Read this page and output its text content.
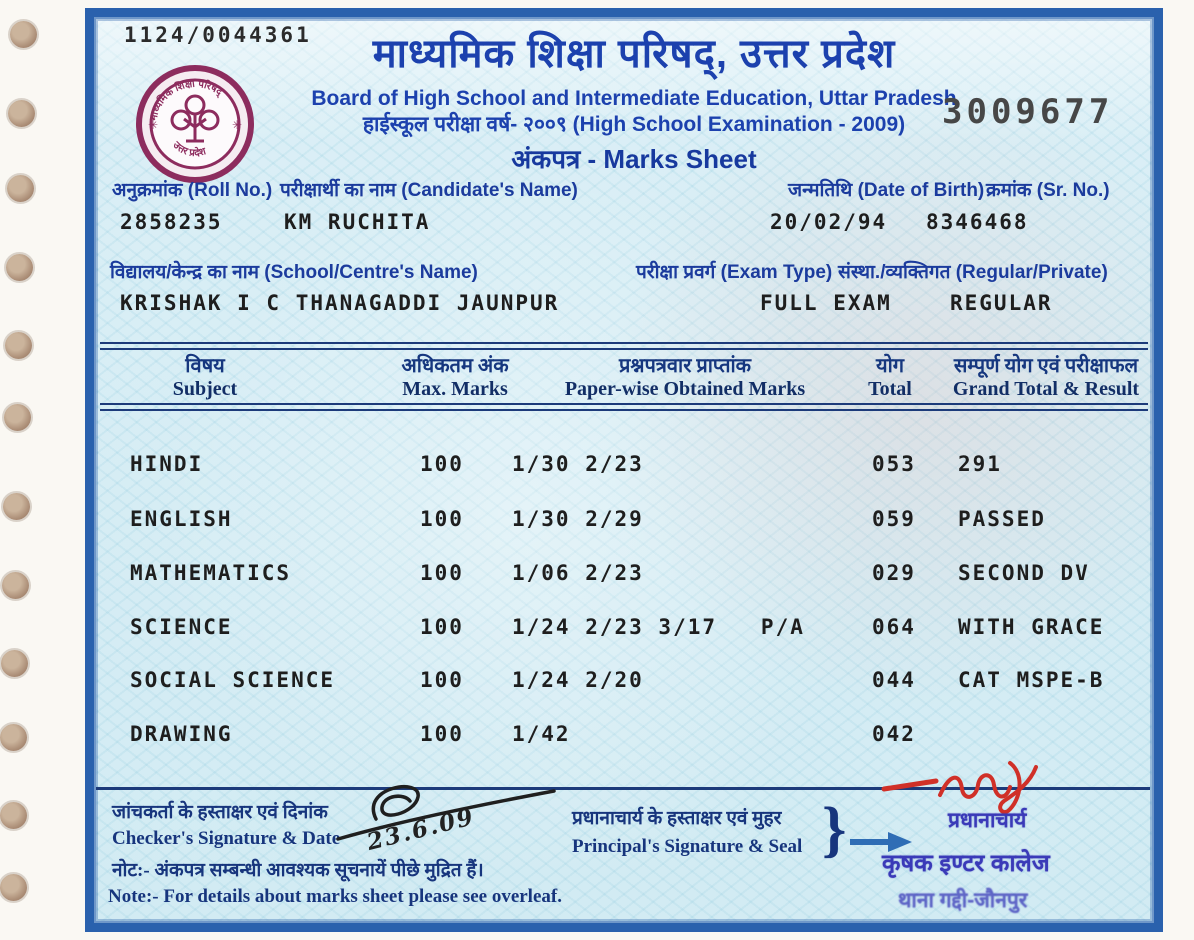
1124/0044361
माध्यमिक शिक्षा परिषद्
उत्तर प्रदेश
✳	✳
माध्यमिक शिक्षा परिषद्, उत्तर प्रदेश
Board of High School and Intermediate Education, Uttar Pradesh
हाईस्कूल परीक्षा वर्ष- २००९ (High School Examination - 2009)
अंकपत्र - Marks Sheet
3009677
अनुक्रमांक (Roll No.) परीक्षार्थी का नाम (Candidate's Name)	जन्मतिथि (Date of Birth) क्रमांक (Sr. No.)
2858235	KM RUCHITA	20/02/94 8346468
विद्यालय/केन्द्र का नाम (School/Centre's Name)	परीक्षा प्रवर्ग (Exam Type) संस्था./व्यक्तिगत (Regular/Private)
KRISHAK I C THANAGADDI JAUNPUR	FULL EXAM	REGULAR
विषय
Subject
अधिकतम अंक
Max. Marks
प्रश्नपत्रवार प्राप्तांक
Paper-wise Obtained Marks
योग
Total
सम्पूर्ण योग एवं परीक्षाफल
Grand Total & Result
HINDI	100 1/30 2/23	053 291
ENGLISH	100 1/30 2/29	059 PASSED
MATHEMATICS	100 1/06 2/23	029 SECOND DV
SCIENCE	100 1/24 2/23 3/17   P/A	064 WITH GRACE
SOCIAL SCIENCE	100 1/24 2/20	044 CAT MSPE-B
DRAWING	100 1/42	042
जांचकर्ता के हस्ताक्षर एवं दिनांक
Checker's Signature & Date 23.6.09
नोट:- अंकपत्र सम्बन्धी आवश्यक सूचनायें पीछे मुद्रित हैं।
Note:- For details about marks sheet please see overleaf.
प्रधानाचार्य के हस्ताक्षर एवं मुहर
Principal's Signature & Seal }	प्रधानाचार्य
कृषक इण्टर कालेज
थाना गद्दी-जौनपुर
